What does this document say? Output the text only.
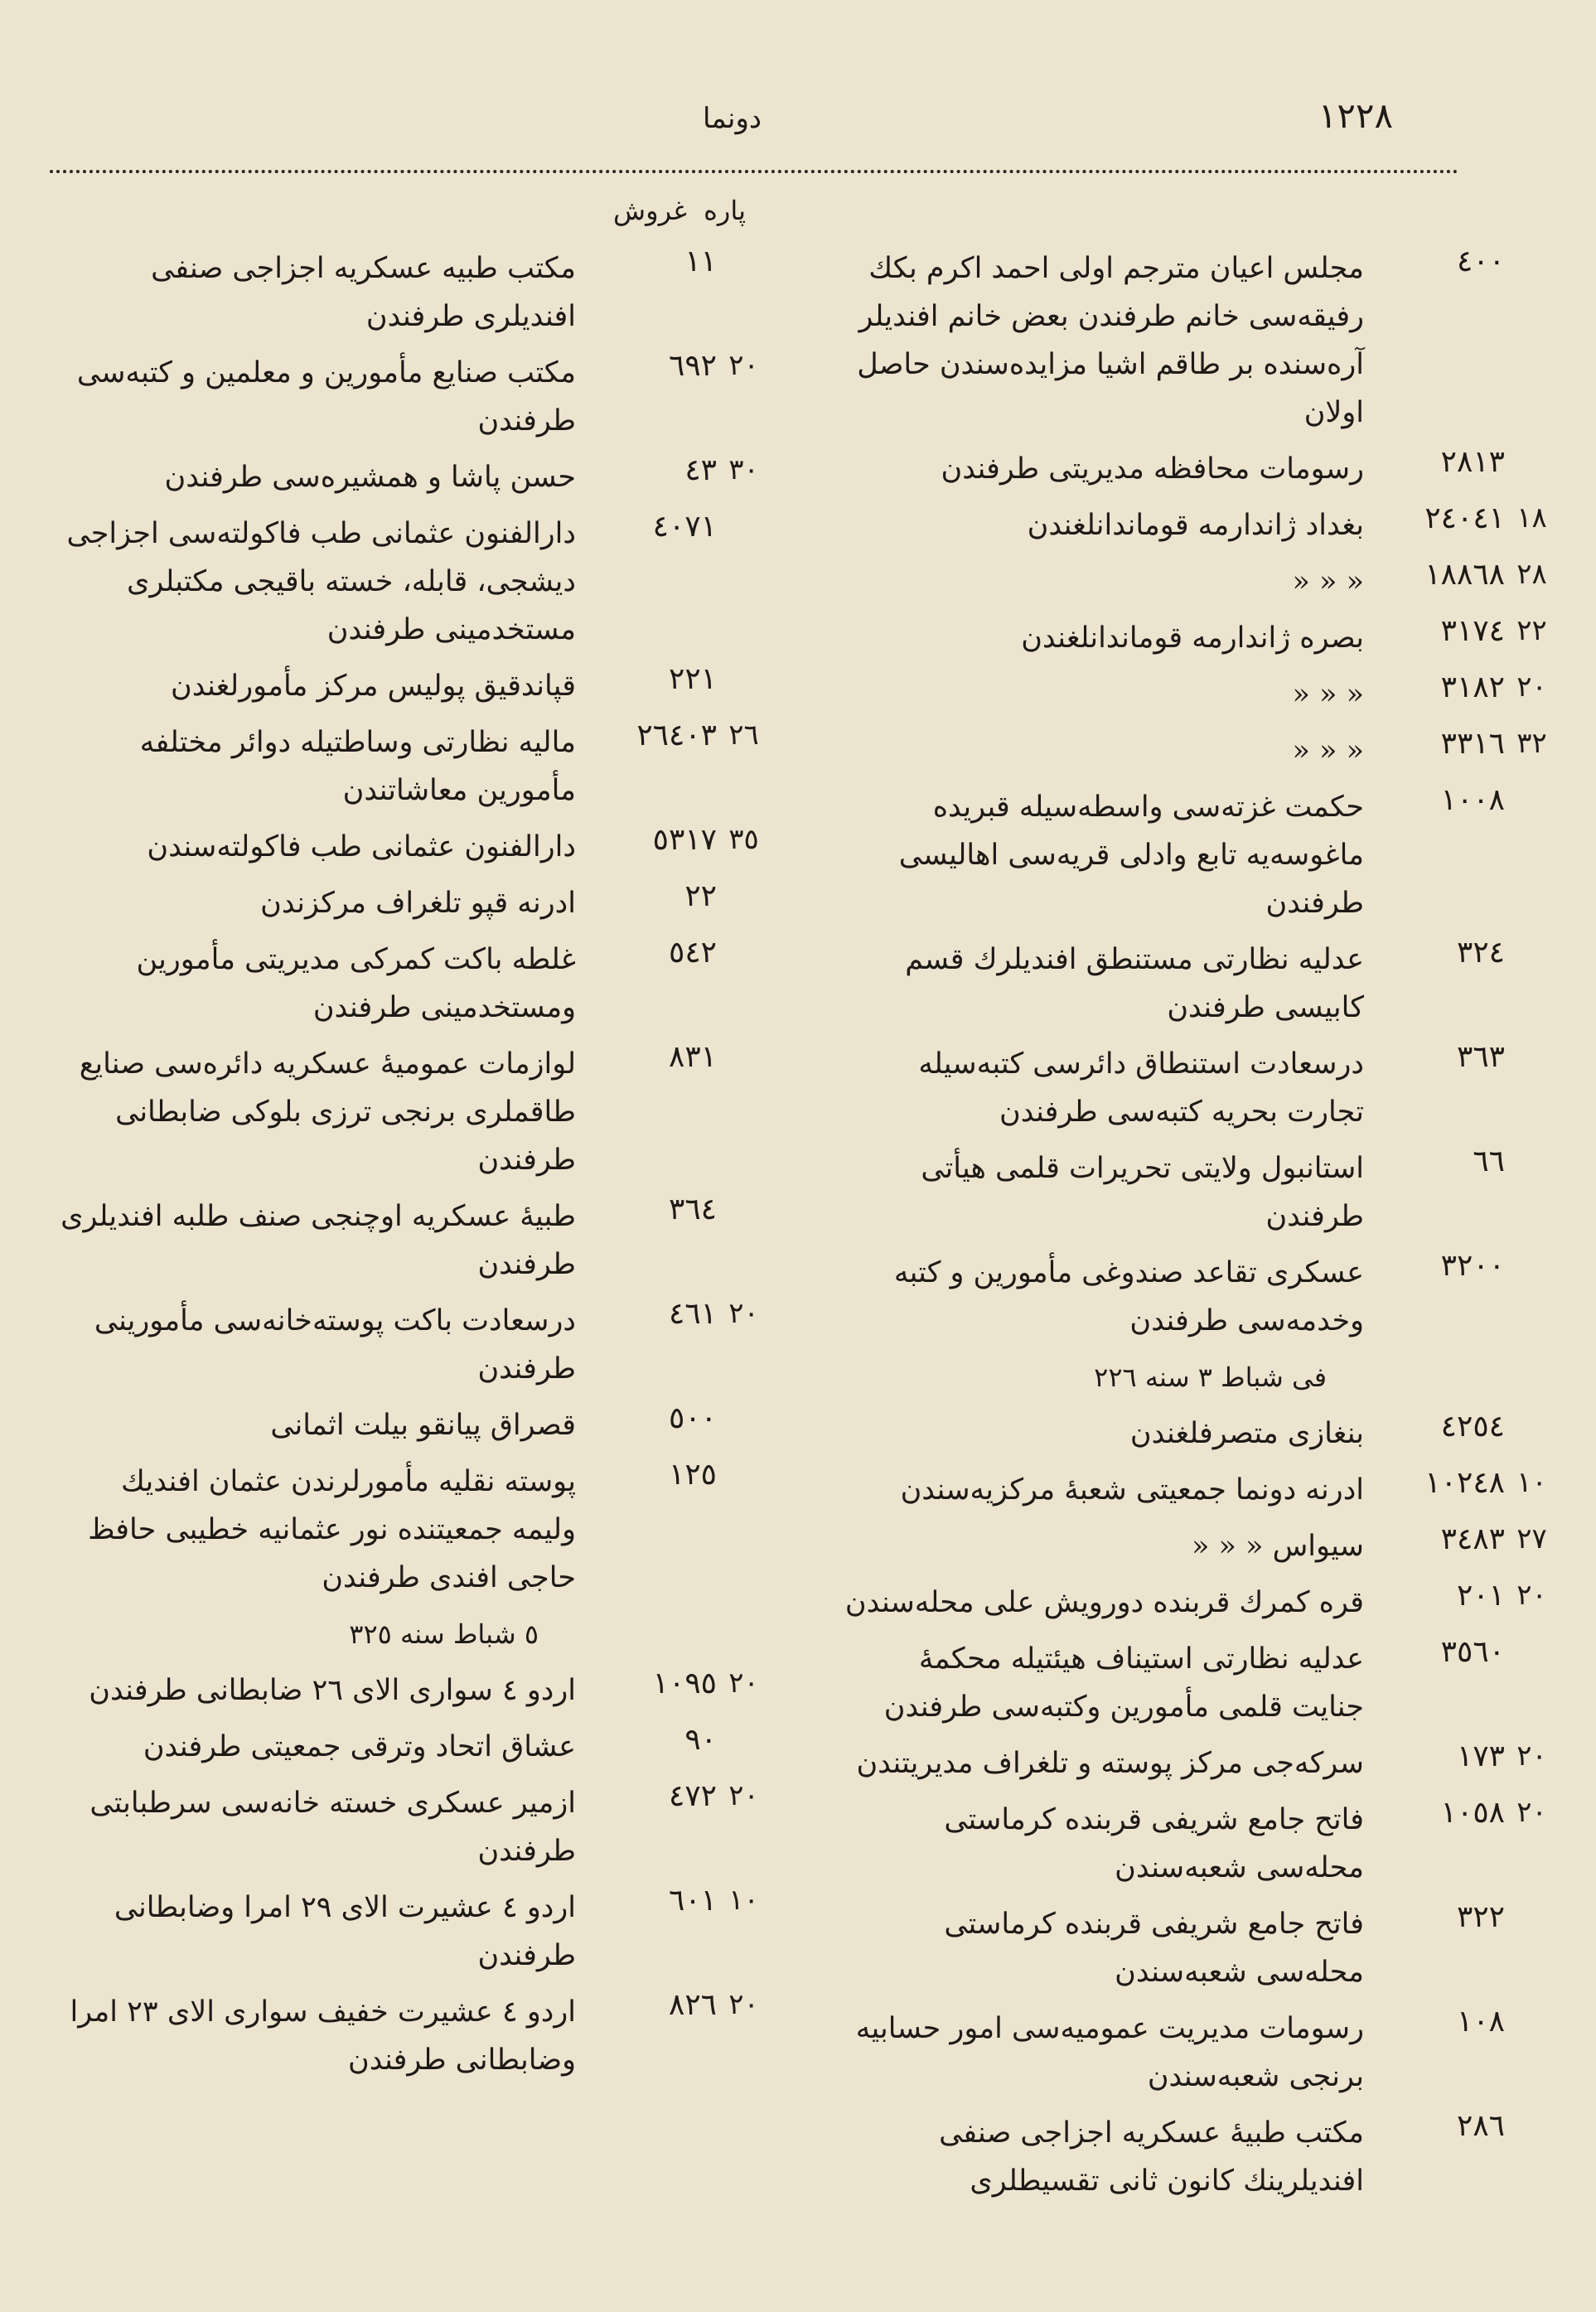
١٢٢٨
دونما
٤٠٠
مجلس اعيان مترجم اولى احمد اكرم بكك رفيقه‌سى خانم طرفندن بعض خانم افنديلر آره‌سنده بر طاقم اشيا مزايده‌سندن حاصل اولان
٢٨١٣
رسومات محافظه مديريتى طرفندن
٢٤٠٤١ ١٨
بغداد ژاندارمه قوماندانلغندن
١٨٨٦٨ ٢٨
« « «
٣١٧٤ ٢٢
بصره ژاندارمه قوماندانلغندن
٣١٨٢ ٢٠
« « «
٣٣١٦ ٣٢
« « «
١٠٠٨
حكمت غزته‌سى واسطه‌سيله قبريده ماغوسه‌يه تابع وادلى قريه‌سى اهاليسى طرفندن
٣٢٤
عدليه نظارتى مستنطق افنديلرك قسم كابيسى طرفندن
٣٦٣
درسعادت استنطاق دائرسى كتبه‌سيله تجارت بحريه كتبه‌سى طرفندن
٦٦
استانبول ولايتى تحريرات قلمى هيأتى طرفندن
٣٢٠٠
عسكرى تقاعد صندوغى مأمورين و كتبه وخدمه‌سى طرفندن
فى شباط ٣ سنه ٢٢٦
٤٢٥٤
بنغازى متصرفلغندن
١٠٢٤٨ ١٠
ادرنه دونما جمعيتى شعبهٔ مركزيه‌سندن
٣٤٨٣ ٢٧
سيواس « « «
٢٠١ ٢٠
قره كمرك قربنده دورويش على محله‌سندن
٣٥٦٠
عدليه نظارتى استيناف هيئتيله محكمهٔ جنايت قلمى مأمورين وكتبه‌سى طرفندن
١٧٣ ٢٠
سركه‌جى مركز پوسته و تلغراف مديريتندن
١٠٥٨ ٢٠
فاتح جامع شريفى قربنده كرماستى محله‌سى شعبه‌سندن
٣٢٢
فاتح جامع شريفى قربنده كرماستى محله‌سى شعبه‌سندن
١٠٨
رسومات مديريت عموميه‌سى امور حسابيه برنجى شعبه‌سندن
٢٨٦
مكتب طبيهٔ عسكريه اجزاجى صنفى افنديلرينك كانون ثانى تقسيطلرى
پاره غروش
١١
مكتب طبيه عسكريه اجزاجى صنفى افنديلرى طرفندن
٦٩٢ ٢٠
مكتب صنايع مأمورين و معلمين و كتبه‌سى طرفندن
٤٣ ٣٠
حسن پاشا و همشيره‌سى طرفندن
٤٠٧١
دارالفنون عثمانى طب فاكولته‌سى اجزاجى ديشجى، قابله، خسته باقيجى مكتبلرى مستخدمينى طرفندن
٢٢١
قپاندقيق پوليس مركز مأمورلغندن
٢٦٤٠٣ ٢٦
ماليه نظارتى وساطتيله دوائر مختلفه مأمورين معاشاتندن
٥٣١٧ ٣٥
دارالفنون عثمانى طب فاكولته‌سندن
٢٢
ادرنه قپو تلغراف مركزندن
٥٤٢
غلطه باكت كمركى مديريتى مأمورين ومستخدمينى طرفندن
٨٣١
لوازمات عموميهٔ عسكريه دائره‌سى صنايع طاقملرى برنجى ترزى بلوكى ضابطانى طرفندن
٣٦٤
طبيهٔ عسكريه اوچنجى صنف طلبه افنديلرى طرفندن
٤٦١ ٢٠
درسعادت باكت پوسته‌خانه‌سى مأمورينى طرفندن
٥٠٠
قصراق پيانقو بيلت اثمانى
١٢٥
پوسته نقليه مأمورلرندن عثمان افنديك وليمه جمعيتنده نور عثمانيه خطيبى حافظ حاجى افندى طرفندن
٥ شباط سنه ٣٢٥
١٠٩٥ ٢٠
اردو ٤ سوارى الاى ٢٦ ضابطانى طرفندن
٩٠
عشاق اتحاد وترقى جمعيتى طرفندن
٤٧٢ ٢٠
ازمير عسكرى خسته خانه‌سى سرطبابتى طرفندن
٦٠١ ١٠
اردو ٤ عشيرت الاى ٢٩ امرا وضابطانى طرفندن
٨٢٦ ٢٠
اردو ٤ عشيرت خفيف سوارى الاى ٢٣ امرا وضابطانى طرفندن
